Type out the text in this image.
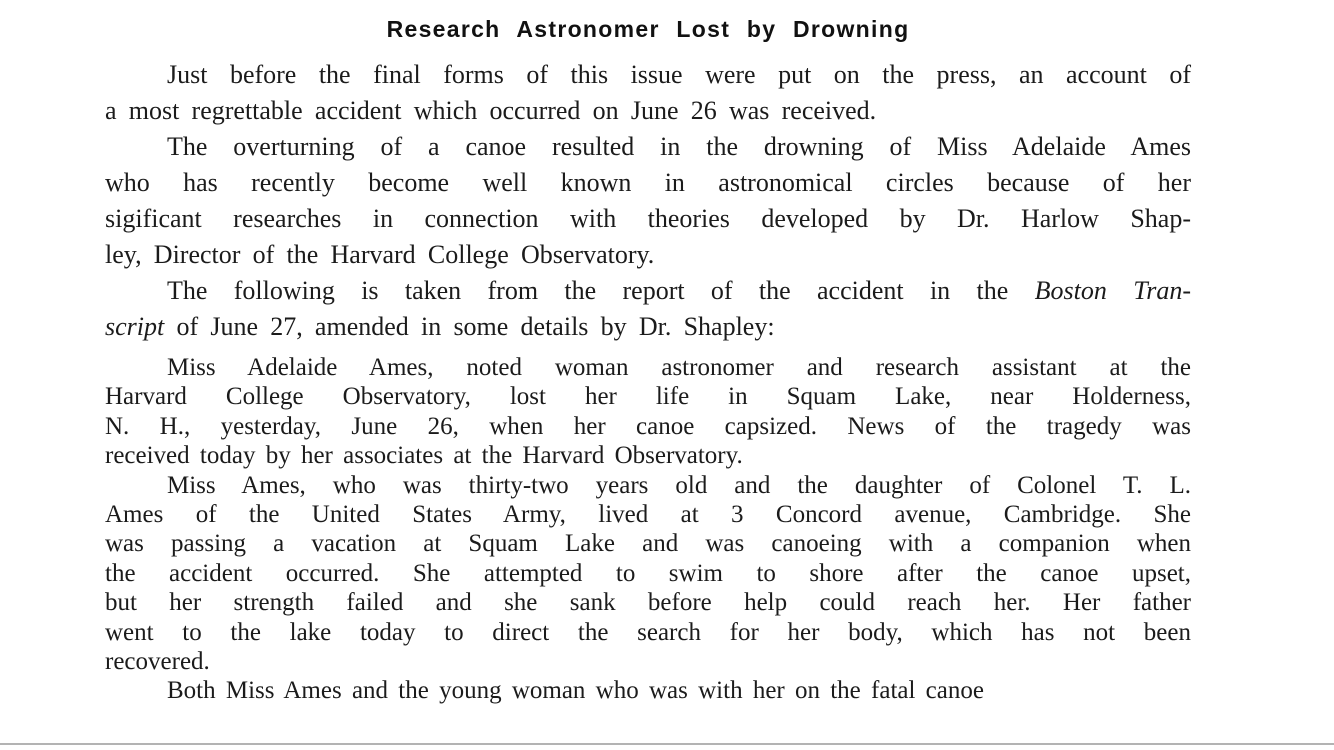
Research Astronomer Lost by Drowning
Just before the final forms of this issue were put on the press, an account of
a most regrettable accident which occurred on June 26 was received.
The overturning of a canoe resulted in the drowning of Miss Adelaide Ames
who has recently become well known in astronomical circles because of her
sigificant researches in connection with theories developed by Dr. Harlow Shap-
ley, Director of the Harvard College Observatory.
The following is taken from the report of the accident in the Boston Tran-
script of June 27, amended in some details by Dr. Shapley:
Miss Adelaide Ames, noted woman astronomer and research assistant at the
Harvard College Observatory, lost her life in Squam Lake, near Holderness,
N. H., yesterday, June 26, when her canoe capsized. News of the tragedy was
received today by her associates at the Harvard Observatory.
Miss Ames, who was thirty-two years old and the daughter of Colonel T. L.
Ames of the United States Army, lived at 3 Concord avenue, Cambridge. She
was passing a vacation at Squam Lake and was canoeing with a companion when
the accident occurred. She attempted to swim to shore after the canoe upset,
but her strength failed and she sank before help could reach her. Her father
went to the lake today to direct the search for her body, which has not been
recovered.
Both Miss Ames and the young woman who was with her on the fatal canoe
